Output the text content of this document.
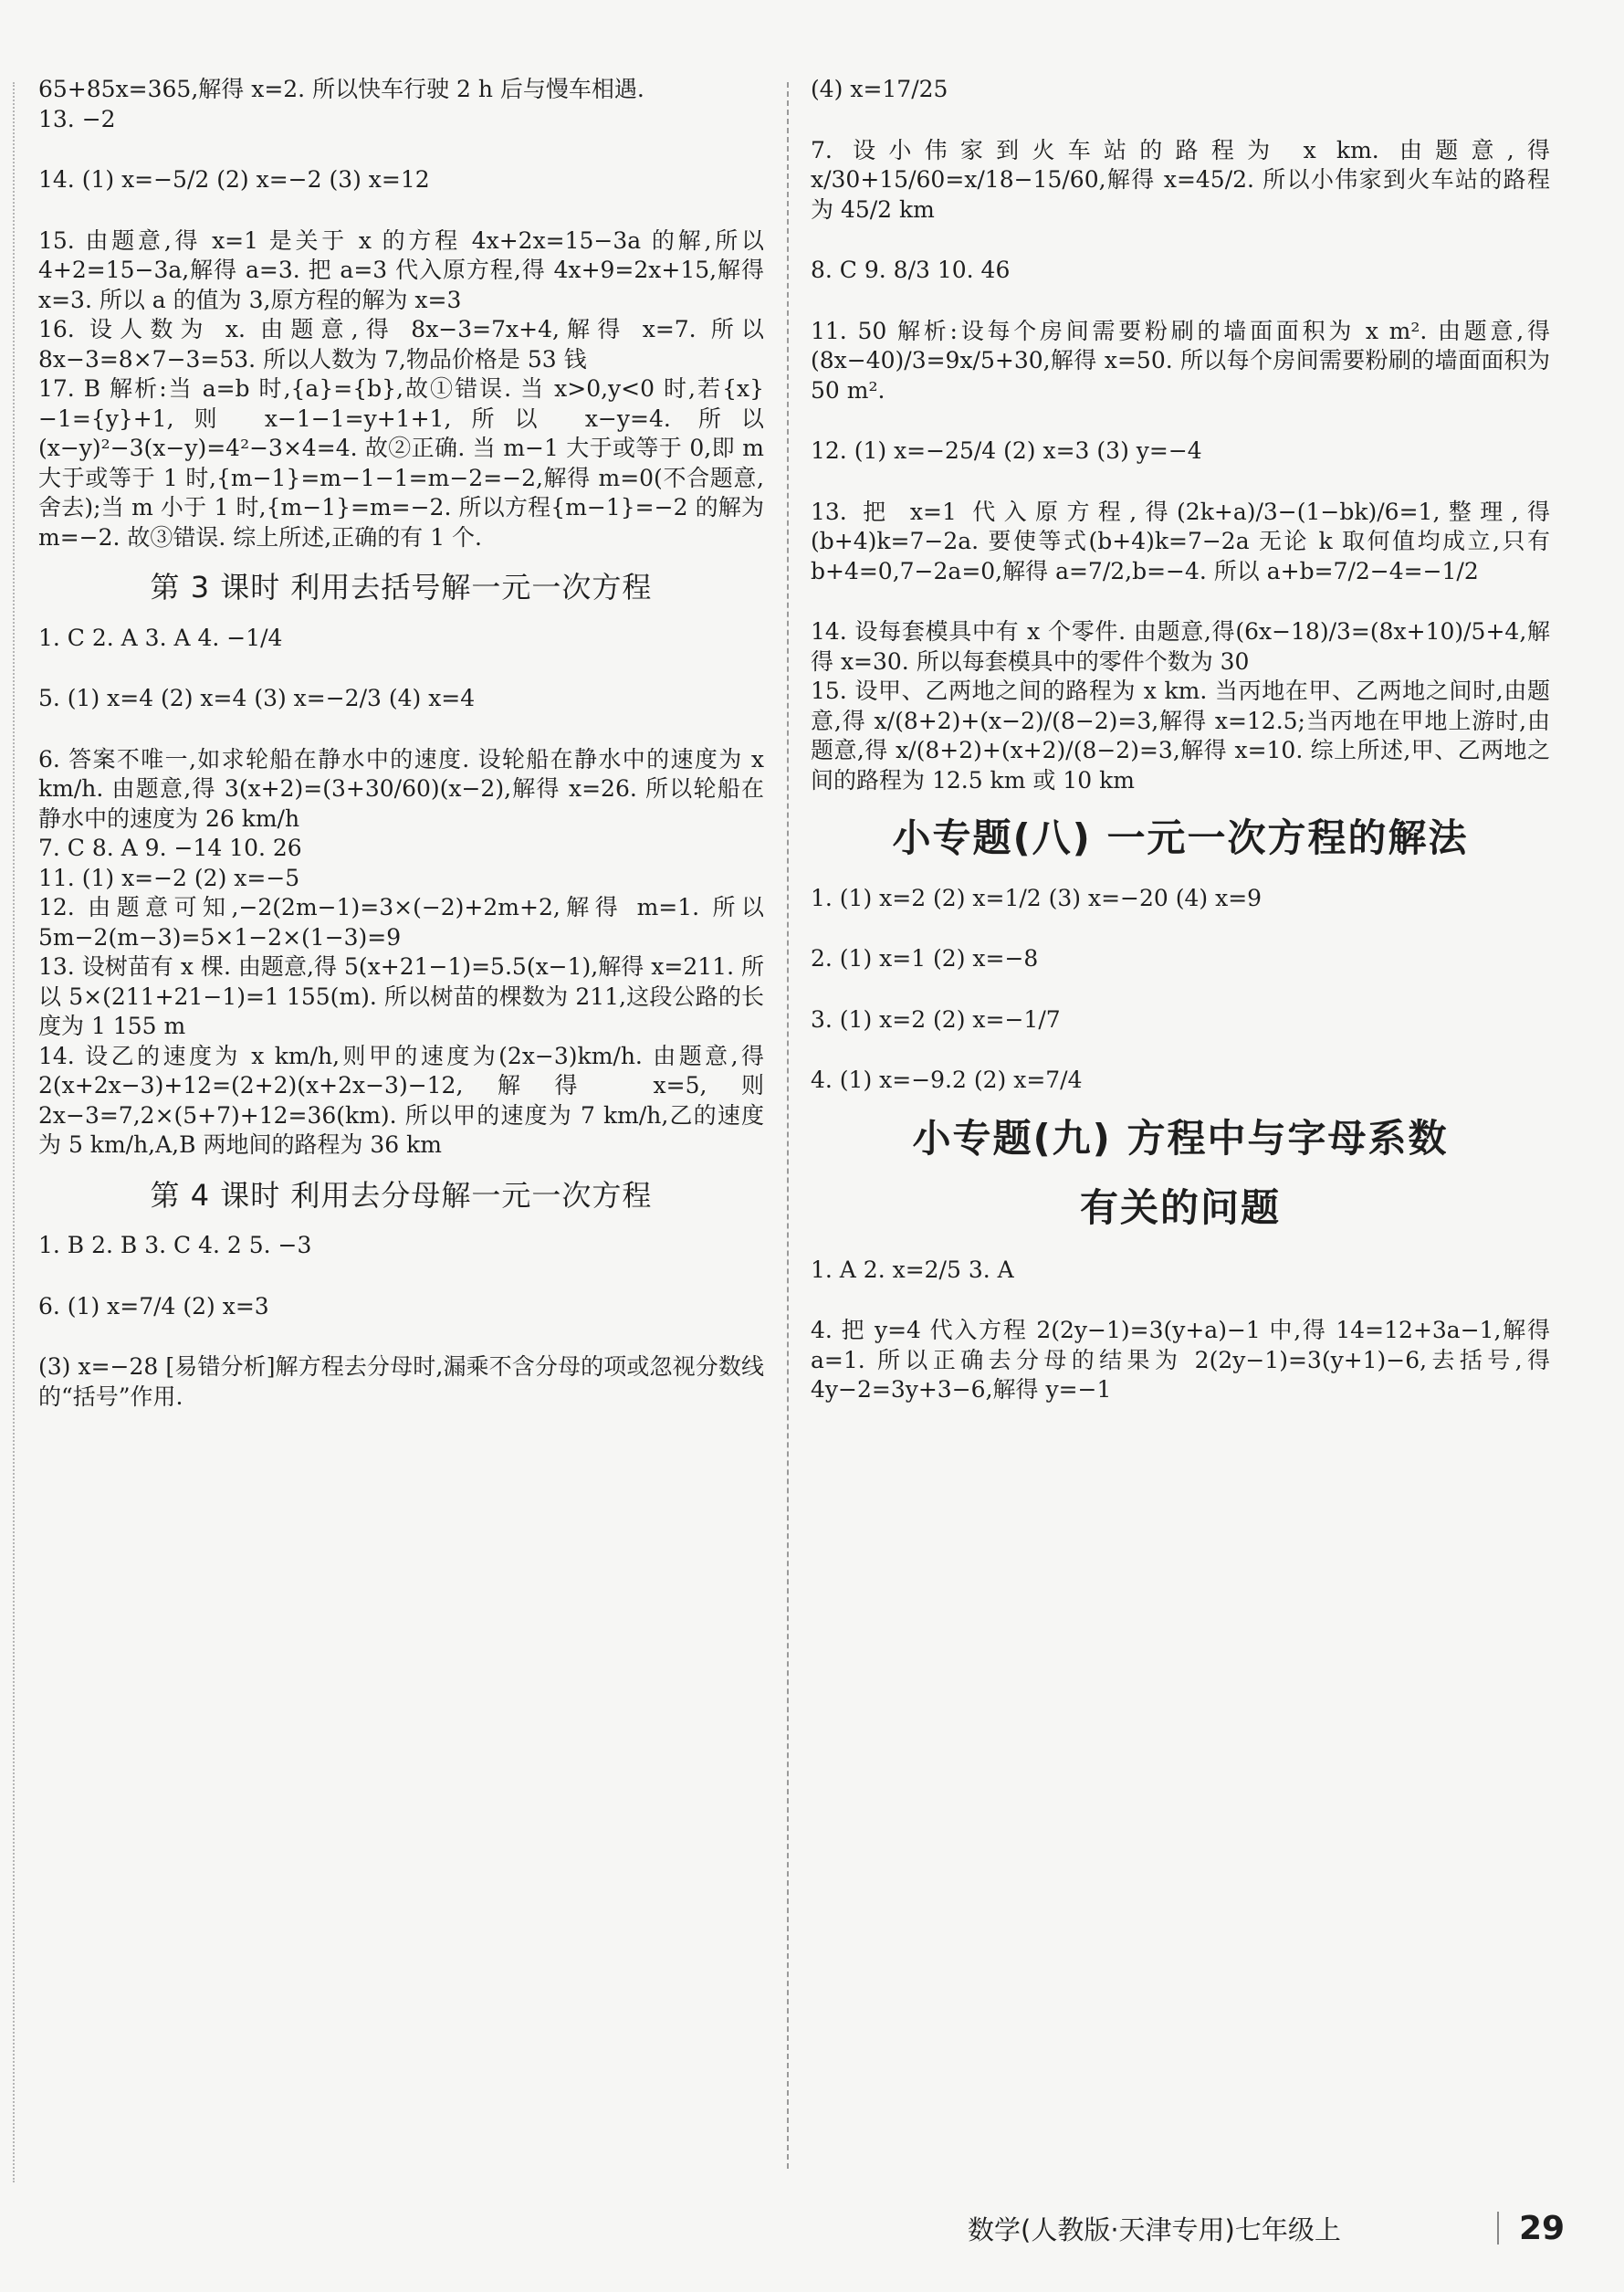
65+85x=365,解得 x=2. 所以快车行驶 2 h 后与慢车相遇.
13. −2
14. (1) x=−5/2 (2) x=−2 (3) x=12
15. 由题意,得 x=1 是关于 x 的方程 4x+2x=15−3a 的解,所以 4+2=15−3a,解得 a=3. 把 a=3 代入原方程,得 4x+9=2x+15,解得 x=3. 所以 a 的值为 3,原方程的解为 x=3
16. 设人数为 x. 由题意,得 8x−3=7x+4,解得 x=7. 所以 8x−3=8×7−3=53. 所以人数为 7,物品价格是 53 钱
17. B 解析:当 a=b 时,{a}={b},故①错误. 当 x>0,y<0 时,若{x}−1={y}+1,则 x−1−1=y+1+1,所以 x−y=4. 所以(x−y)²−3(x−y)=4²−3×4=4. 故②正确. 当 m−1 大于或等于 0,即 m 大于或等于 1 时,{m−1}=m−1−1=m−2=−2,解得 m=0(不合题意,舍去);当 m 小于 1 时,{m−1}=m=−2. 所以方程{m−1}=−2 的解为 m=−2. 故③错误. 综上所述,正确的有 1 个.
第 3 课时 利用去括号解一元一次方程
1. C 2. A 3. A 4. −1/4
5. (1) x=4 (2) x=4 (3) x=−2/3 (4) x=4
6. 答案不唯一,如求轮船在静水中的速度. 设轮船在静水中的速度为 x km/h. 由题意,得 3(x+2)=(3+30/60)(x−2),解得 x=26. 所以轮船在静水中的速度为 26 km/h
7. C 8. A 9. −14 10. 26
11. (1) x=−2 (2) x=−5
12. 由题意可知,−2(2m−1)=3×(−2)+2m+2,解得 m=1. 所以 5m−2(m−3)=5×1−2×(1−3)=9
13. 设树苗有 x 棵. 由题意,得 5(x+21−1)=5.5(x−1),解得 x=211. 所以 5×(211+21−1)=1 155(m). 所以树苗的棵数为 211,这段公路的长度为 1 155 m
14. 设乙的速度为 x km/h,则甲的速度为(2x−3)km/h. 由题意,得 2(x+2x−3)+12=(2+2)(x+2x−3)−12,解得 x=5,则 2x−3=7,2×(5+7)+12=36(km). 所以甲的速度为 7 km/h,乙的速度为 5 km/h,A,B 两地间的路程为 36 km
第 4 课时 利用去分母解一元一次方程
1. B 2. B 3. C 4. 2 5. −3
6. (1) x=7/4 (2) x=3
(3) x=−28 [易错分析]解方程去分母时,漏乘不含分母的项或忽视分数线的“括号”作用.
(4) x=17/25
7. 设小伟家到火车站的路程为 x km. 由题意,得 x/30+15/60=x/18−15/60,解得 x=45/2. 所以小伟家到火车站的路程为 45/2 km
8. C 9. 8/3 10. 46
11. 50 解析:设每个房间需要粉刷的墙面面积为 x m². 由题意,得(8x−40)/3=9x/5+30,解得 x=50. 所以每个房间需要粉刷的墙面面积为 50 m².
12. (1) x=−25/4 (2) x=3 (3) y=−4
13. 把 x=1 代入原方程,得(2k+a)/3−(1−bk)/6=1,整理,得(b+4)k=7−2a. 要使等式(b+4)k=7−2a 无论 k 取何值均成立,只有 b+4=0,7−2a=0,解得 a=7/2,b=−4. 所以 a+b=7/2−4=−1/2
14. 设每套模具中有 x 个零件. 由题意,得(6x−18)/3=(8x+10)/5+4,解得 x=30. 所以每套模具中的零件个数为 30
15. 设甲、乙两地之间的路程为 x km. 当丙地在甲、乙两地之间时,由题意,得 x/(8+2)+(x−2)/(8−2)=3,解得 x=12.5;当丙地在甲地上游时,由题意,得 x/(8+2)+(x+2)/(8−2)=3,解得 x=10. 综上所述,甲、乙两地之间的路程为 12.5 km 或 10 km
小专题(八) 一元一次方程的解法
1. (1) x=2 (2) x=1/2 (3) x=−20 (4) x=9
2. (1) x=1 (2) x=−8
3. (1) x=2 (2) x=−1/7
4. (1) x=−9.2 (2) x=7/4
小专题(九) 方程中与字母系数
有关的问题
1. A 2. x=2/5 3. A
4. 把 y=4 代入方程 2(2y−1)=3(y+a)−1 中,得 14=12+3a−1,解得 a=1. 所以正确去分母的结果为 2(2y−1)=3(y+1)−6,去括号,得 4y−2=3y+3−6,解得 y=−1
数学(人教版·天津专用)七年级上	29
